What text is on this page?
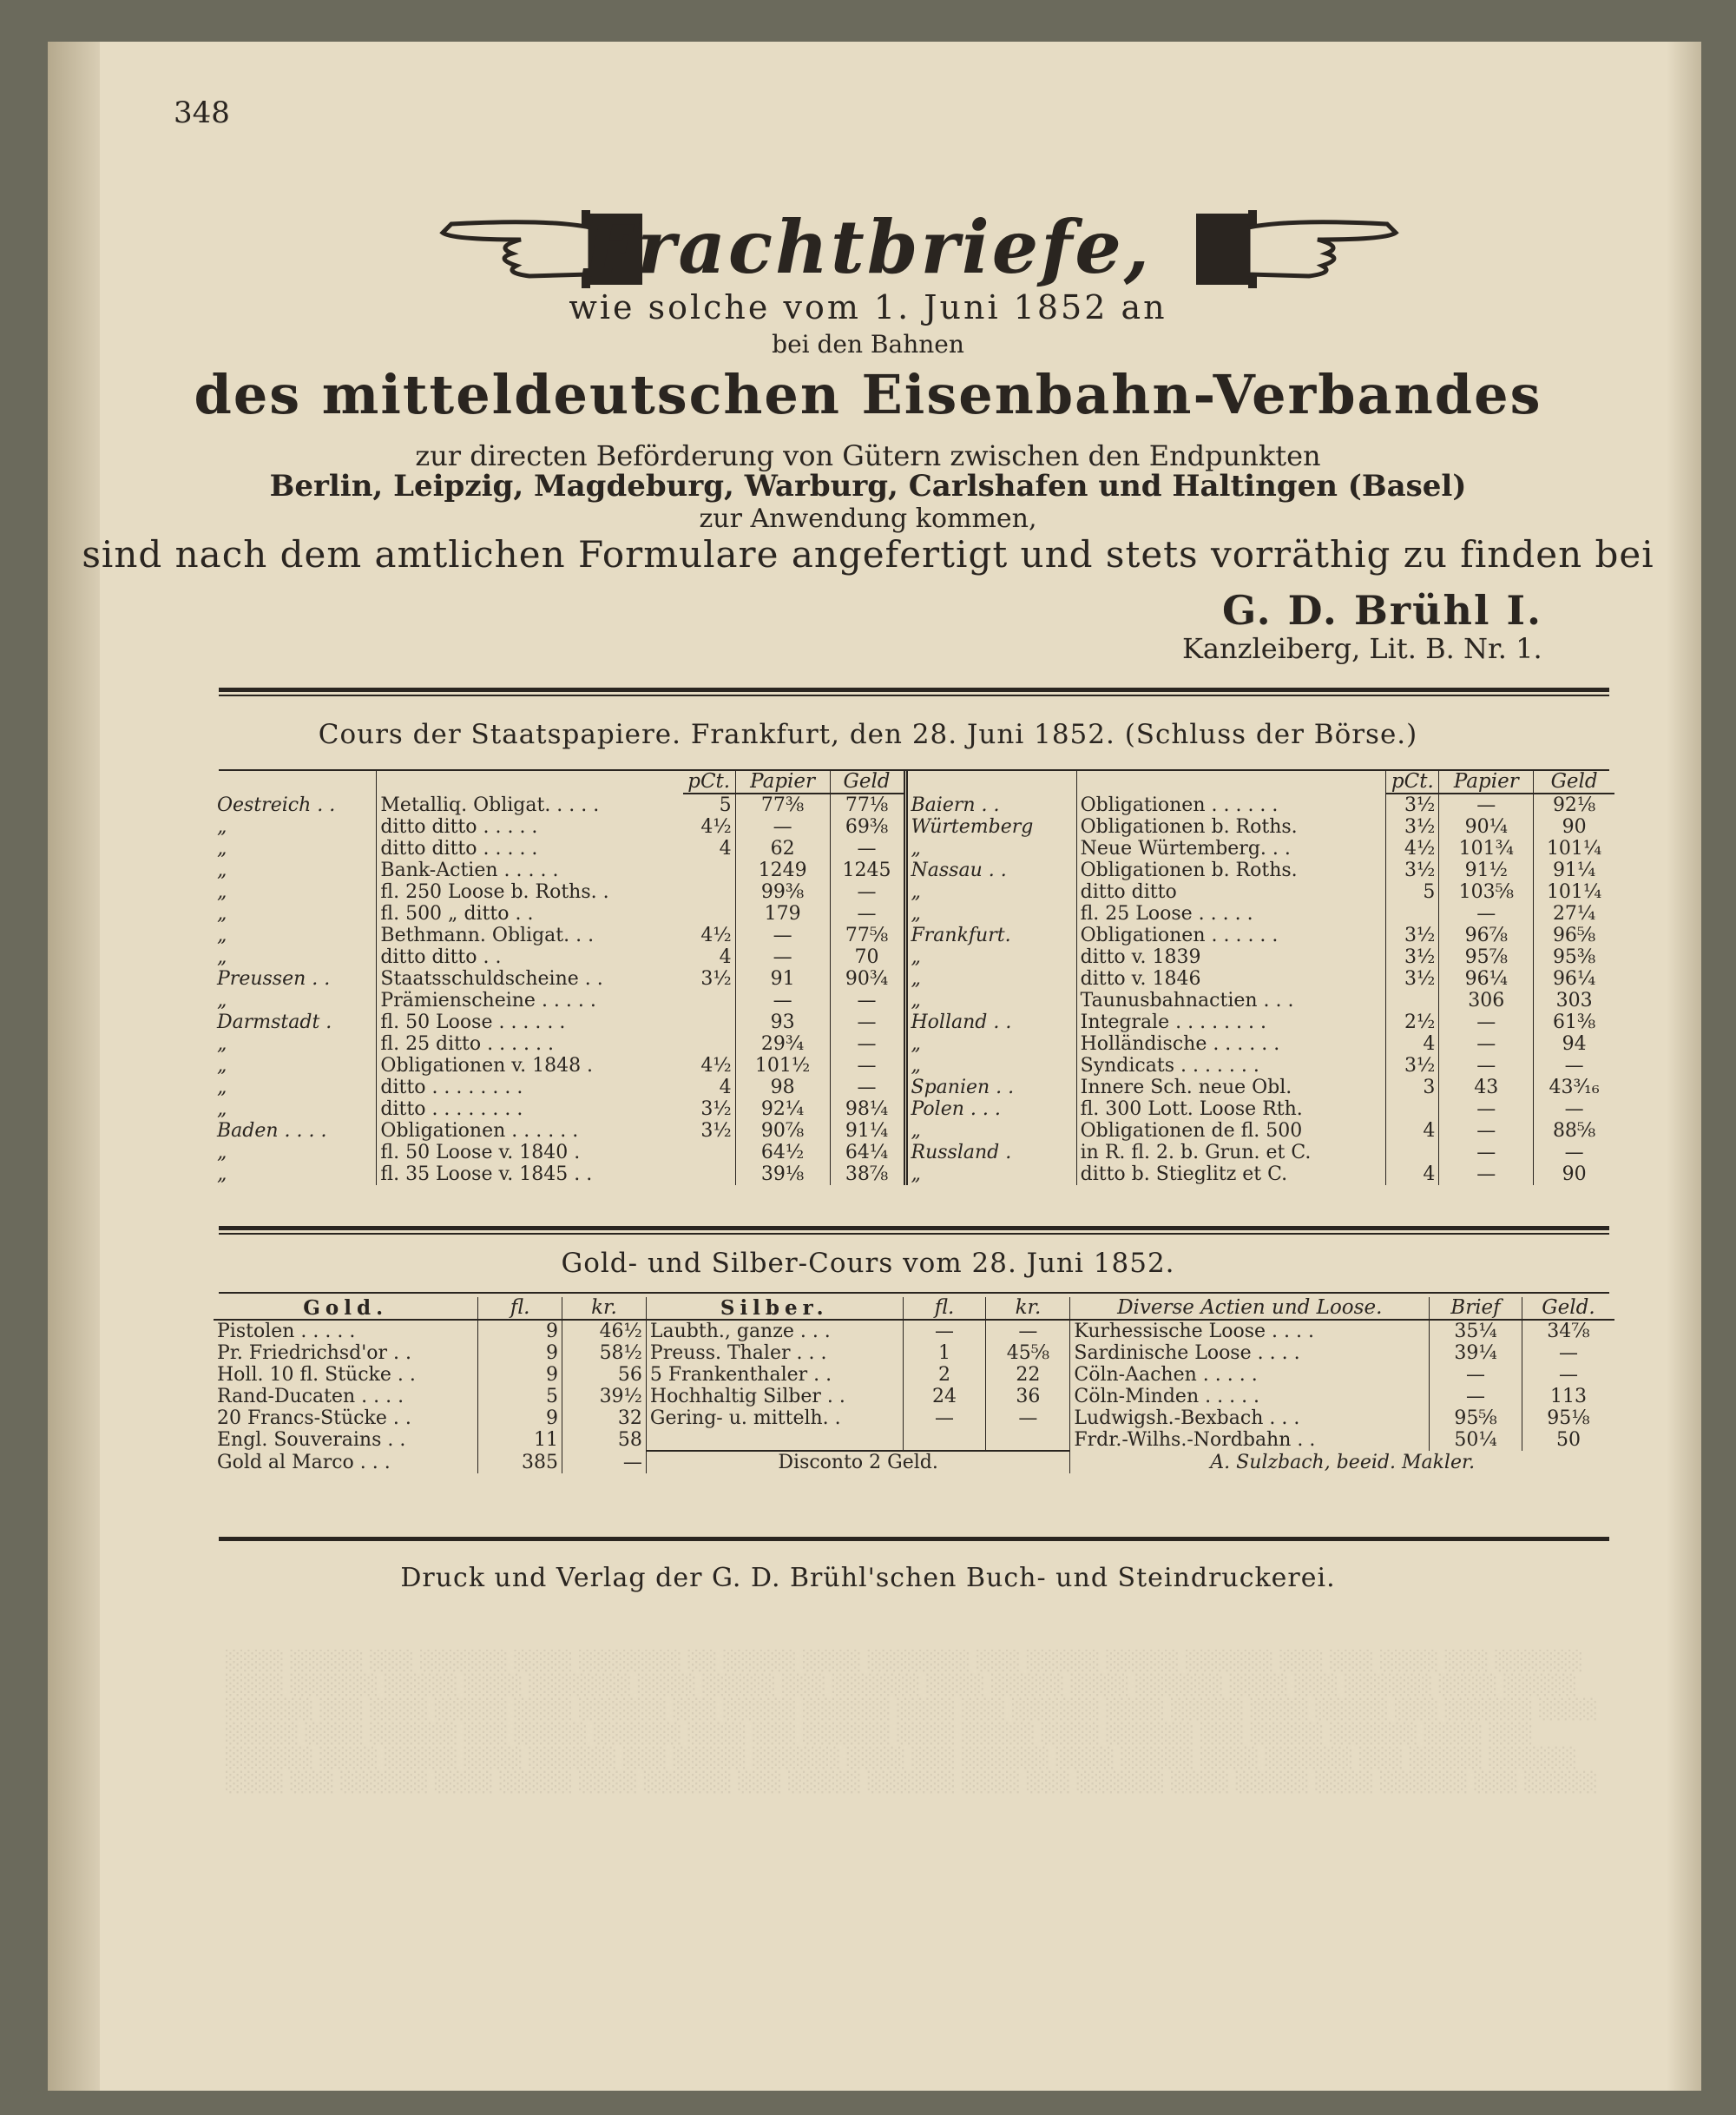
348
Frachtbriefe,
wie solche vom 1. Juni 1852 an
bei den Bahnen
des mitteldeutschen Eisenbahn-Verbandes
zur directen Beförderung von Gütern zwischen den Endpunkten
Berlin, Leipzig, Magdeburg, Warburg, Carlshafen und Haltingen (Basel)
zur Anwendung kommen,
sind nach dem amtlichen Formulare angefertigt und stets vorräthig zu finden bei
G. D. Brühl I.
Kanzleiberg, Lit. B. Nr. 1.
Cours der Staatspapiere. Frankfurt, den 28. Juni 1852. (Schluss der Börse.)
		pCt.	Papier	Geld			pCt.	Papier	Geld
Oestreich . .	Metalliq. Obligat. . . . .	5	77⅜	77⅛	Baiern . .	Obligationen . . . . . .	3½	—	92⅛
„	ditto ditto . . . . .	4½	—	69⅜	Würtemberg	Obligationen b. Roths.	3½	90¼	90
„	ditto ditto . . . . .	4	62	—	„	Neue Würtemberg. . .	4½	101¾	101¼
„	Bank-Actien . . . . .		1249	1245	Nassau . .	Obligationen b. Roths.	3½	91½	91¼
„	fl. 250 Loose b. Roths. .		99⅜	—	„	ditto ditto	5	103⅝	101¼
„	fl. 500 „ ditto . .		179	—	„	fl. 25 Loose . . . . .		—	27¼
„	Bethmann. Obligat. . .	4½	—	77⅝	Frankfurt.	Obligationen . . . . . .	3½	96⅞	96⅝
„	ditto ditto . .	4	—	70	„	ditto v. 1839	3½	95⅞	95⅜
Preussen . .	Staatsschuldscheine . .	3½	91	90¾	„	ditto v. 1846	3½	96¼	96¼
„	Prämienscheine . . . . .		—	—	„	Taunusbahnactien . . .		306	303
Darmstadt .	fl. 50 Loose . . . . . .		93	—	Holland . .	Integrale . . . . . . . .	2½	—	61⅜
„	fl. 25 ditto . . . . . .		29¾	—	„	Holländische . . . . . .	4	—	94
„	Obligationen v. 1848 .	4½	101½	—	„	Syndicats . . . . . . .	3½	—	—
„	ditto . . . . . . . .	4	98	—	Spanien . .	Innere Sch. neue Obl.	3	43	43³⁄₁₆
„	ditto . . . . . . . .	3½	92¼	98¼	Polen . . .	fl. 300 Lott. Loose Rth.		—	—
Baden . . . .	Obligationen . . . . . .	3½	90⅞	91¼	„	Obligationen de fl. 500	4	—	88⅝
„	fl. 50 Loose v. 1840 .		64½	64¼	Russland .	in R. fl. 2. b. Grun. et C.		—	—
„	fl. 35 Loose v. 1845 . .		39⅛	38⅞	„	ditto b. Stieglitz et C.	4	—	90
Gold- und Silber-Cours vom 28. Juni 1852.
Gold.	fl.	kr.	Silber.	fl.	kr.	Diverse Actien und Loose.	Brief	Geld.
Pistolen . . . . .	9	46½	Laubth., ganze . . .	—	—	Kurhessische Loose . . . .	35¼	34⅞
Pr. Friedrichsd'or . .	9	58½	Preuss. Thaler . . .	1	45⅝	Sardinische Loose . . . .	39¼	—
Holl. 10 fl. Stücke . .	9	56	5 Frankenthaler . .	2	22	Cöln-Aachen . . . . .	—	—
Rand-Ducaten . . . .	5	39½	Hochhaltig Silber . .	24	36	Cöln-Minden . . . . .	—	113
20 Francs-Stücke . .	9	32	Gering- u. mittelh. .	—	—	Ludwigsh.-Bexbach . . .	95⅝	95⅛
Engl. Souverains . .	11	58				Frdr.-Wilhs.-Nordbahn . .	50¼	50
Gold al Marco . . .	385	—	Disconto 2 Geld.			A. Sulzbach, beeid. Makler.		
Druck und Verlag der G. D. Brühl'schen Buch- und Steindruckerei.
░░░░ ░░░░░ ░░░ ░░░░░░ ░░░░ ░░░░░░░ ░░ ░░░░░ ░░░░ ░░░░░░░ ░░░ ░░░░░ ░░░░░ ░░░░░░ ░░░ ░░░ ░░░░ ░░░ ░░░░░░ ░░░░ ░░░░░░ ░░░░░ ░░░░ ░░░░░░░ ░░░░ ░░░░░ ░░░ ░░░░░░ ░░░░ ░░░░░ ░░░░ ░░░░░░ ░░░░ ░░░ ░░░░░░ ░░░░ ░░░░░ ░░░░░░ ░░░ ░░░░ ░░░░░ ░░░░ ░░░░░░ ░░░ ░░░░░ ░░░░░░ ░░░░ ░░░ ░░░░░░ ░░░░ ░░░░░ ░░░░ ░░░░░ ░░░ ░░░░░░ ░░░░ ░░░░░ ░░░░ ░░░░░░ ░░░ ░░░░░ ░░░░░░ ░░░░ ░░░ ░░░░░░ ░░░░ ░░░░░ ░░░░ ░░░░░░ ░░░ ░░░░░ ░░░░░░ ░░░░ ░░░ ░░░░░░ ░░░░ ░░░░░ ░░░░ ░░░░░░ ░░░ ░░░░░ ░░░░░░ ░░░░ ░░░ ░░░░░░ ░░░░ ░░░░░ ░░░░ ░░░░░░ ░░░ ░░░░░ ░░░░░░ ░░░░ ░░░ ░░░░░░ ░░░░ ░░░░░ ░░░░ ░░░░░░ ░░░ ░░░░░ ░░░░░░ ░░░░ ░░░ ░░░░░░ ░░░░ ░░░░░ ░░░░ ░░░░░░ ░░░ ░░░░░
